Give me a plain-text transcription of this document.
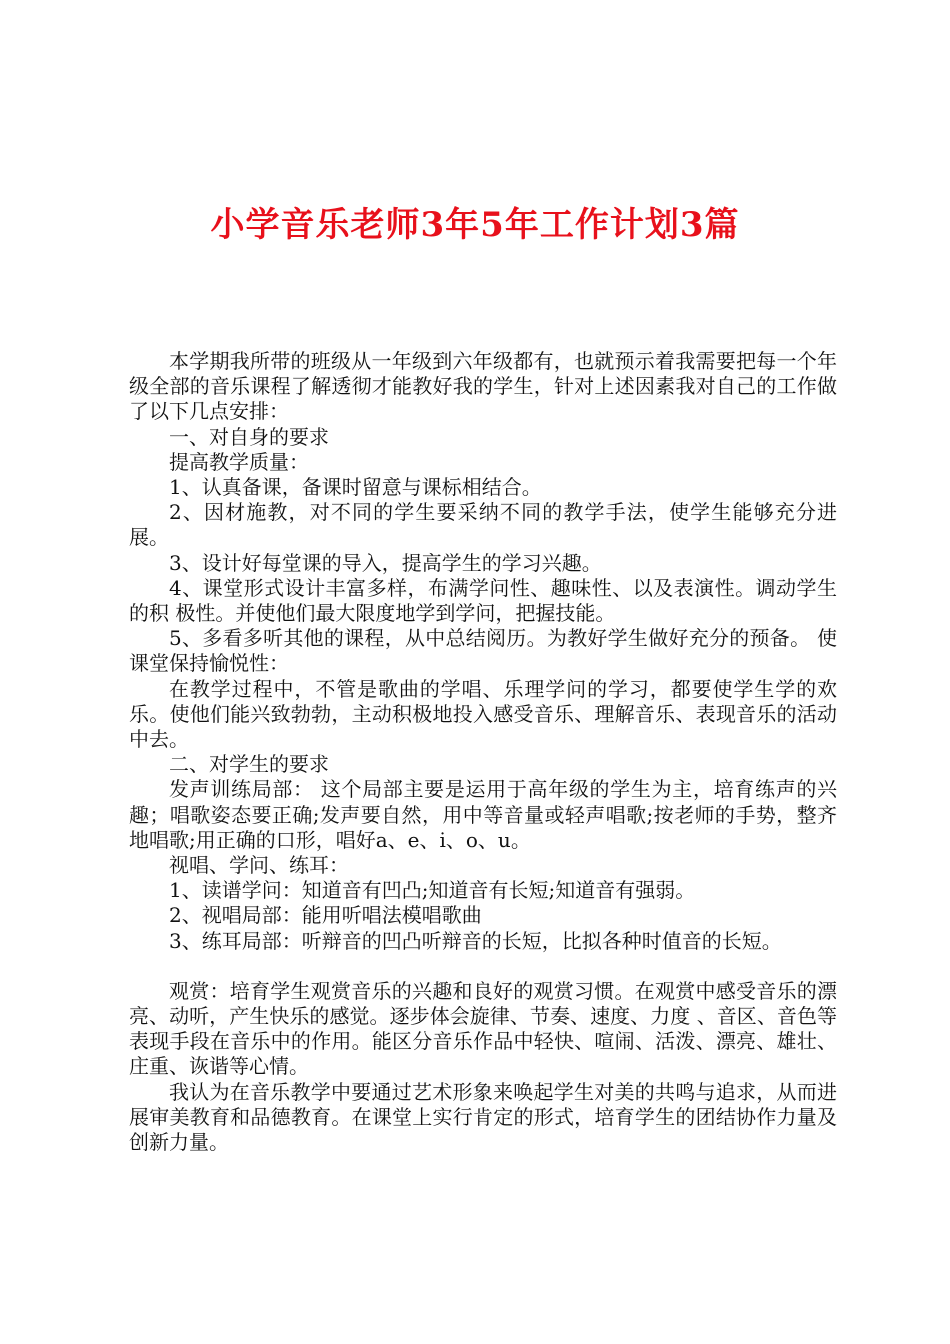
小学音乐老师3年5年工作计划3篇

本学期我所带的班级从一年级到六年级都有，也就预示着我需要把每一个年级全部的音乐课程了解透彻才能教好我的学生，针对上述因素我对自己的工作做了以下几点安排：

一、对自身的要求

提高教学质量：

1、认真备课，备课时留意与课标相结合。

2、因材施教，对不同的学生要采纳不同的教学手法，使学生能够充分进展。

3、设计好每堂课的导入，提高学生的学习兴趣。

4、课堂形式设计丰富多样，布满学问性、趣味性、以及表演性。调动学生的积 极性。并使他们最大限度地学到学问，把握技能。

5、多看多听其他的课程，从中总结阅历。为教好学生做好充分的预备。 使课堂保持愉悦性：

在教学过程中，不管是歌曲的学唱、乐理学问的学习，都要使学生学的欢乐。使他们能兴致勃勃，主动积极地投入感受音乐、理解音乐、表现音乐的活动中去。

二、对学生的要求

发声训练局部： 这个局部主要是运用于高年级的学生为主，培育练声的兴趣；唱歌姿态要正确;发声要自然，用中等音量或轻声唱歌;按老师的手势，整齐地唱歌;用正确的口形，唱好a、e、i、o、u。

视唱、学问、练耳：

1、读谱学问：知道音有凹凸;知道音有长短;知道音有强弱。

2、视唱局部：能用听唱法模唱歌曲

3、练耳局部：听辩音的凹凸听辩音的长短，比拟各种时值音的长短。

观赏：培育学生观赏音乐的兴趣和良好的观赏习惯。在观赏中感受音乐的漂亮、动听，产生快乐的感觉。逐步体会旋律、节奏、速度、力度 、音区、音色等表现手段在音乐中的作用。能区分音乐作品中轻快、喧闹、活泼、漂亮、雄壮、庄重、诙谐等心情。

我认为在音乐教学中要通过艺术形象来唤起学生对美的共鸣与追求，从而进展审美教育和品德教育。在课堂上实行肯定的形式，培育学生的团结协作力量及创新力量。
